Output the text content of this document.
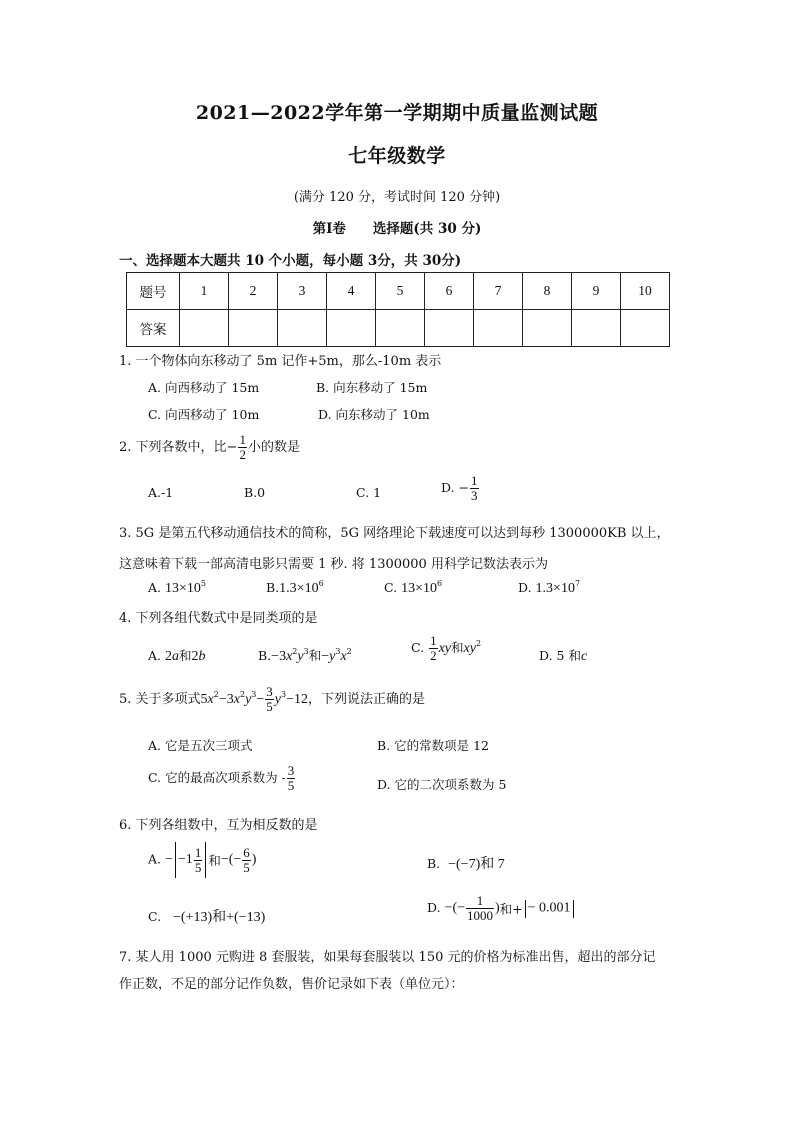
2021—2022学年第一学期期中质量监测试题
七年级数学
(满分 120 分，考试时间 120 分钟)
第Ⅰ卷　　选择题(共 30 分)
一、选择题本大题共 10 个小题，每小题 3分，共 30分)
题号	1	2	3	4	5	6	7	8	9	10
答案										
1. 一个物体向东移动了 5m 记作+5m，那么-10m 表示
A. 向西移动了 15m	B. 向东移动了 15m
C. 向西移动了 10m	D. 向东移动了 10m
2. 下列各数中，比− $\frac{1}{2}$ 小的数是
A.-1	B.0	C. 1	D. − $\frac{1}{3}$
3. 5G 是第五代移动通信技术的简称，5G 网络理论下载速度可以达到每秒 1300000KB 以上，
这意味着下载一部高清电影只需要 1 秒. 将 1300000 用科学记数法表示为
A. $13\times 10^5$	$B.1.3\times 10^6$	C. $13\times 10^6$	D. $1.3\times 10^7$
4. 下列各组代数式中是同类项的是
A. 2a和2b	$B.-3x^2y^3$和$-y^3x^2$	C. $\frac{1}{2}$ xy和$xy^2$
D. 5 和c
5. 关于多项式$5x^2-3x^2y^3- \frac{3}{5} y^3-12$，下列说法正确的是
A. 它是五次三项式	B. 它的常数项是 12
C. 它的最高次项系数为 - $\frac{3}{5}$	D. 它的二次项系数为 5
6. 下列各组数中，互为相反数的是
A. − $-1 \frac{1}{5}$ 和−(− $\frac{6}{5}$ )	B. −(−7)和 7
C. −(+13)和+(−13)
D. −(− $\frac{1}{1000}$ )和+ − 0.001
7. 某人用 1000 元购进 8 套服装，如果每套服装以 150 元的价格为标准出售，超出的部分记
作正数，不足的部分记作负数，售价记录如下表（单位元）：
